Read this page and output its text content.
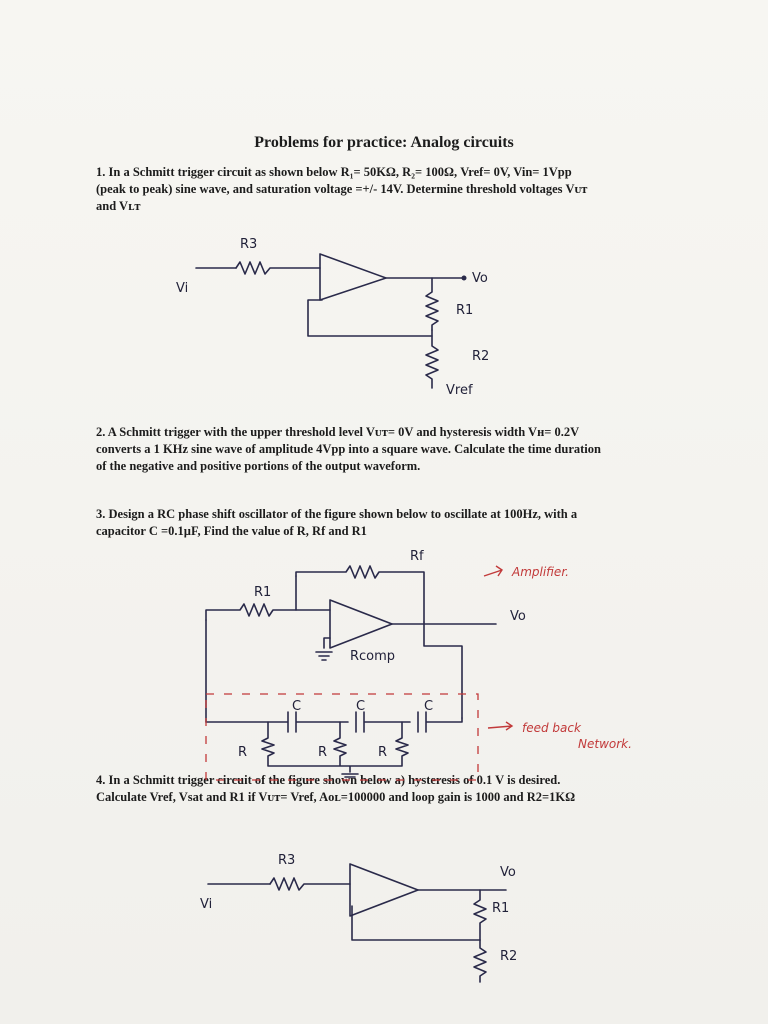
Problems for practice: Analog circuits
1. In a Schmitt trigger circuit as shown below R₁= 50KΩ, R₂= 100Ω, Vref= 0V, Vin= 1Vpp
(peak to peak) sine wave, and saturation voltage =+/- 14V. Determine threshold voltages Vᴜᴛ
and Vʟᴛ
2. A Schmitt trigger with the upper threshold level Vᴜᴛ= 0V and hysteresis width Vʜ= 0.2V
converts a 1 KHz sine wave of amplitude 4Vpp into a square wave. Calculate the time duration
of the negative and positive portions of the output waveform.
3. Design a RC phase shift oscillator of the figure shown below to oscillate at 100Hz, with a
capacitor C =0.1µF, Find the value of R, Rf and R1
4. In a Schmitt trigger circuit of the figure shown below a) hysteresis of 0.1 V is desired.
Calculate Vref, Vsat and R1 if Vᴜᴛ= Vref, Aᴏʟ=100000 and loop gain is 1000 and R2=1KΩ
R3
Vi
Vo
R1
R2
Vref
R1
Rf
Rcomp
Vo
C	C	C
R	R	R
Amplifier.
feed back
Network.
R3
Vi
Vo
R1
R2
